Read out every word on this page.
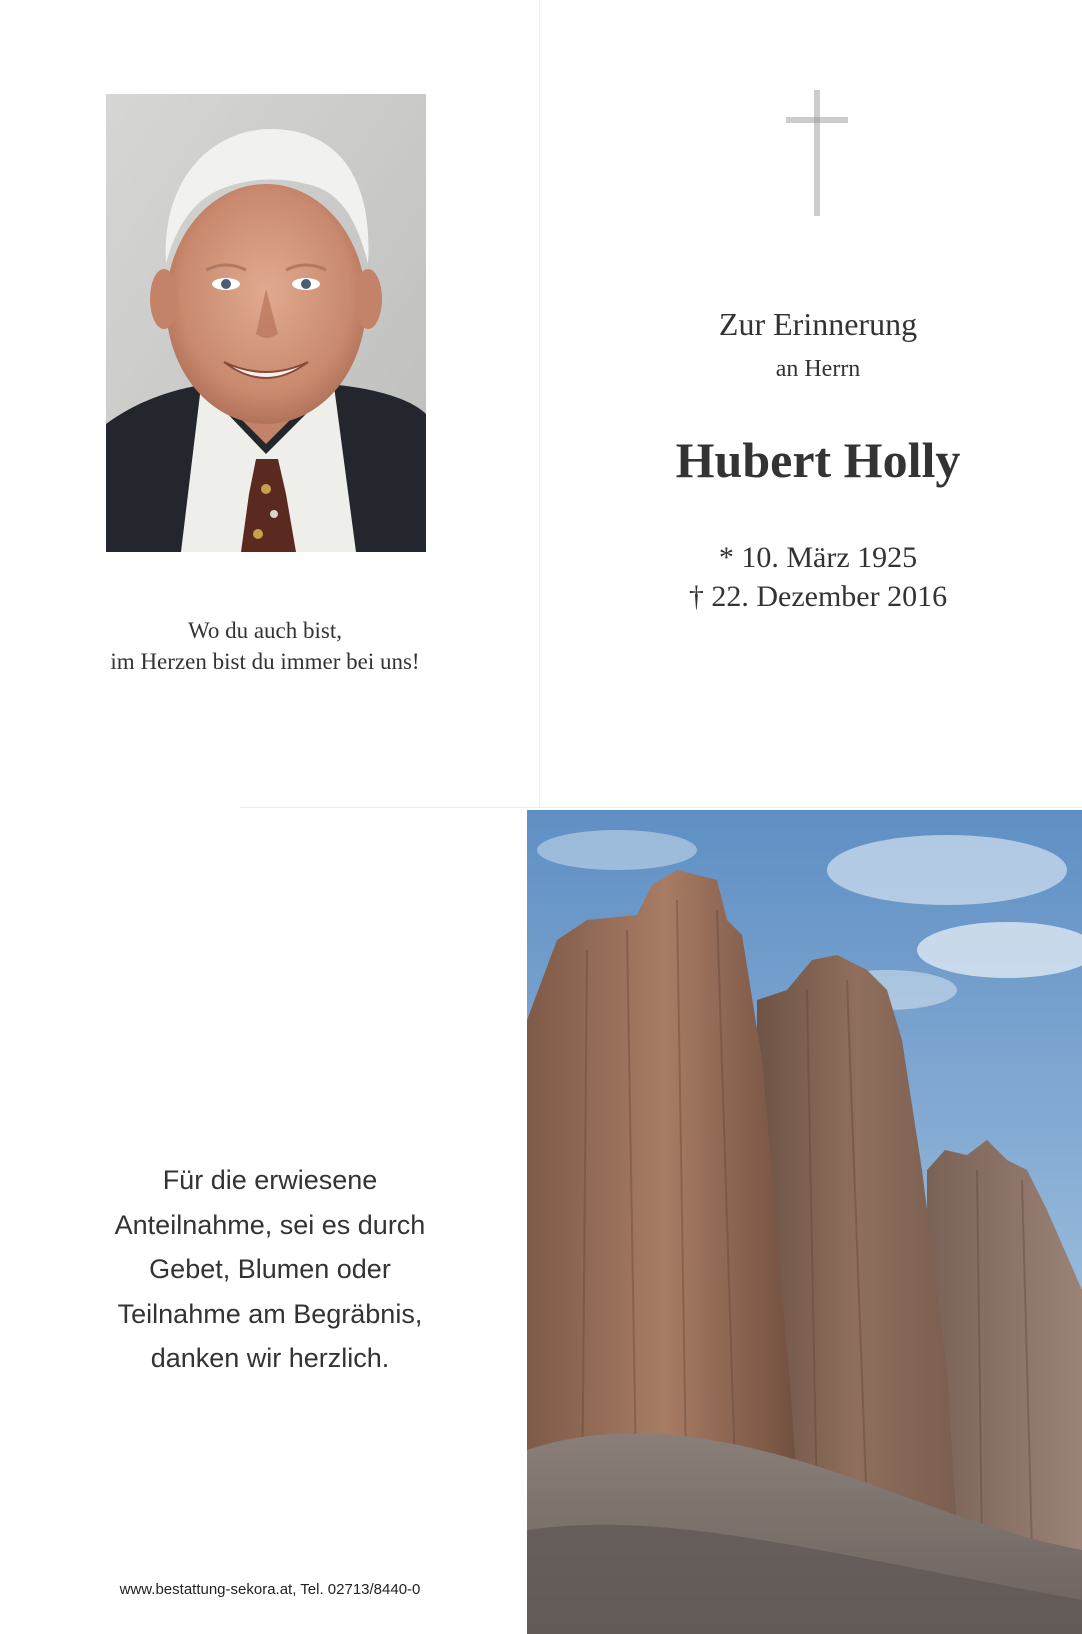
Wo du auch bist,
im Herzen bist du immer bei uns!
Zur Erinnerung
an Herrn
Hubert Holly
* 10. März 1925
† 22. Dezember 2016
Für die erwiesene
Anteilnahme, sei es durch
Gebet, Blumen oder
Teilnahme am Begräbnis,
danken wir herzlich.
www.bestattung-sekora.at, Tel. 02713/8440-0
